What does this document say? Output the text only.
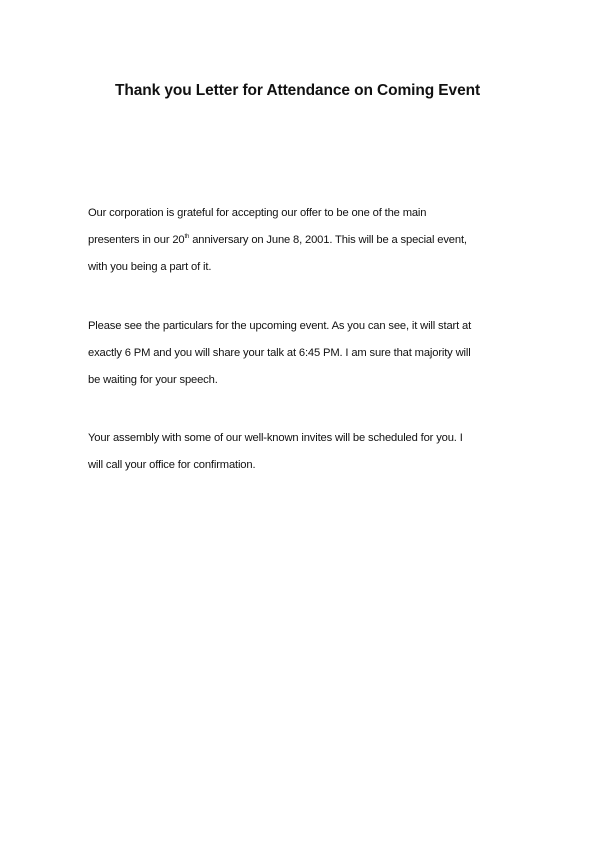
Thank you Letter for Attendance on Coming Event

Our corporation is grateful for accepting our offer to be one of the main
presenters in our 20th anniversary on June 8, 2001. This will be a special event,
with you being a part of it.

Please see the particulars for the upcoming event. As you can see, it will start at
exactly 6 PM and you will share your talk at 6:45 PM. I am sure that majority will
be waiting for your speech.

Your assembly with some of our well-known invites will be scheduled for you. I
will call your office for confirmation.
